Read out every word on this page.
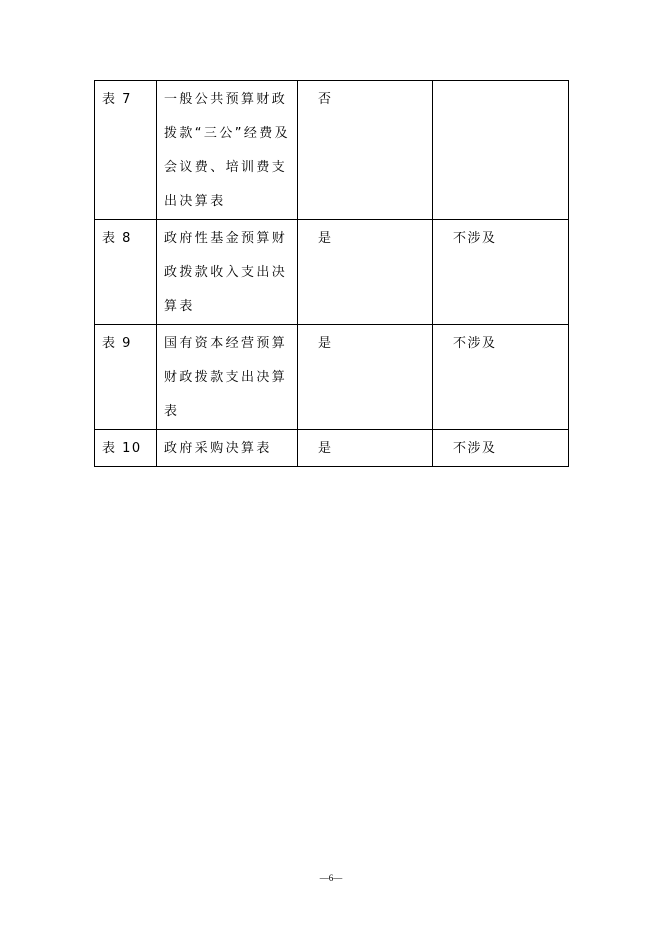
表 7	一般公共预算财政拨款“三公”经费及会议费、培训费支出决算表	否	

表 8	政府性基金预算财政拨款收入支出决算表	是	不涉及

表 9	国有资本经营预算财政拨款支出决算表	是	不涉及

表 10	政府采购决算表	是	不涉及
—6—
